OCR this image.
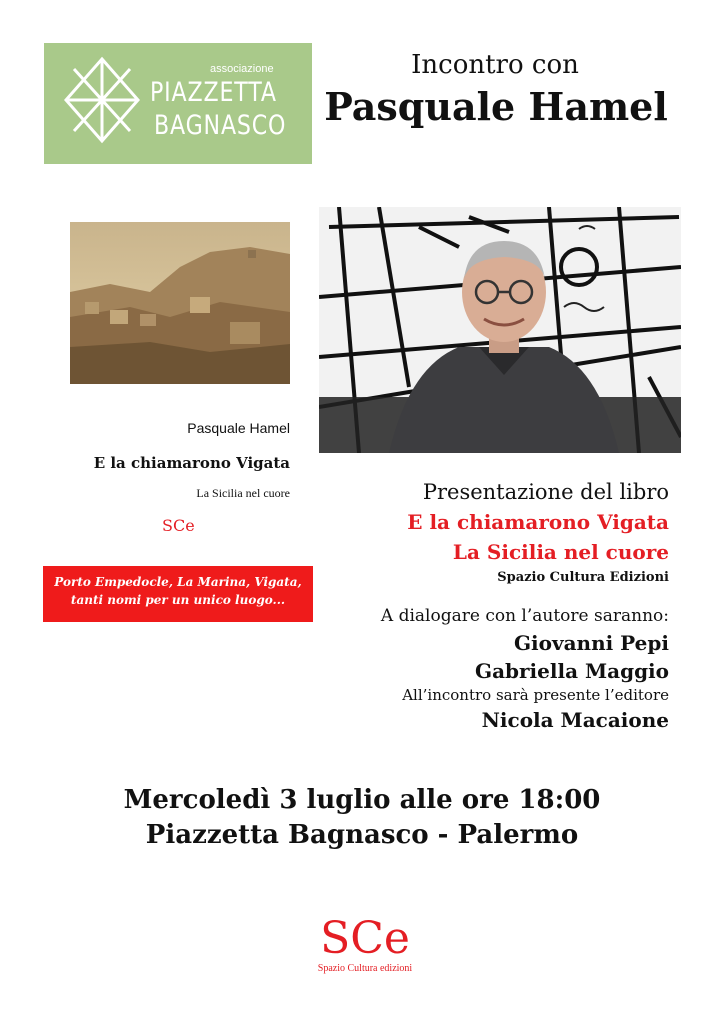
associazione
PIAZZETTA
BAGNASCO
Incontro con
Pasquale Hamel
Pasquale Hamel
E la chiamarono Vigata
La Sicilia nel cuore
SCe
Porto Empedocle, La Marina, Vigata,
tanti nomi per un unico luogo...
Presentazione del libro
E la chiamarono Vigata
La Sicilia nel cuore
Spazio Cultura Edizioni
A dialogare con l’autore saranno:
Giovanni Pepi
Gabriella Maggio
All’incontro sarà presente l’editore
Nicola Macaione
Mercoledì 3 luglio alle ore 18:00
Piazzetta Bagnasco - Palermo
SCe
Spazio Cultura edizioni
